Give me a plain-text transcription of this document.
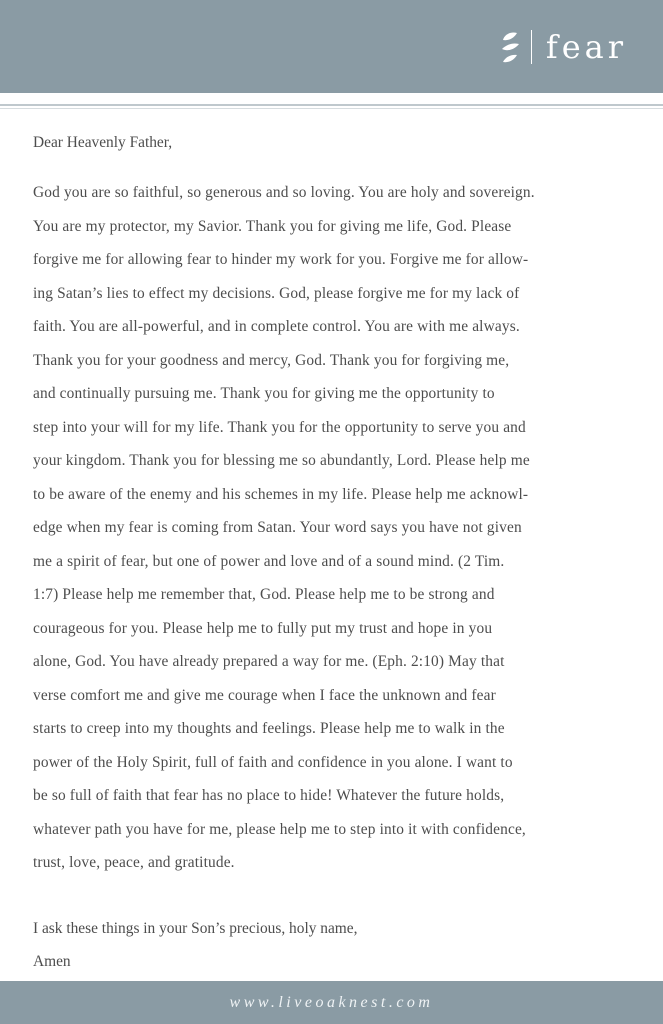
fear

Dear Heavenly Father,

God you are so faithful, so generous and so loving. You are holy and sovereign.
You are my protector, my Savior. Thank you for giving me life, God. Please
forgive me for allowing fear to hinder my work for you. Forgive me for allow-
ing Satan’s lies to effect my decisions. God, please forgive me for my lack of
faith. You are all-powerful, and in complete control. You are with me always.
Thank you for your goodness and mercy, God. Thank you for forgiving me,
and continually pursuing me. Thank you for giving me the opportunity to
step into your will for my life. Thank you for the opportunity to serve you and
your kingdom. Thank you for blessing me so abundantly, Lord. Please help me
to be aware of the enemy and his schemes in my life. Please help me acknowl-
edge when my fear is coming from Satan. Your word says you have not given
me a spirit of fear, but one of power and love and of a sound mind. (2 Tim.
1:7) Please help me remember that, God. Please help me to be strong and
courageous for you. Please help me to fully put my trust and hope in you
alone, God. You have already prepared a way for me. (Eph. 2:10) May that
verse comfort me and give me courage when I face the unknown and fear
starts to creep into my thoughts and feelings. Please help me to walk in the
power of the Holy Spirit, full of faith and confidence in you alone. I want to
be so full of faith that fear has no place to hide! Whatever the future holds,
whatever path you have for me, please help me to step into it with confidence,
trust, love, peace, and gratitude.
I ask these things in your Son’s precious, holy name,
Amen
www.liveoaknest.com
